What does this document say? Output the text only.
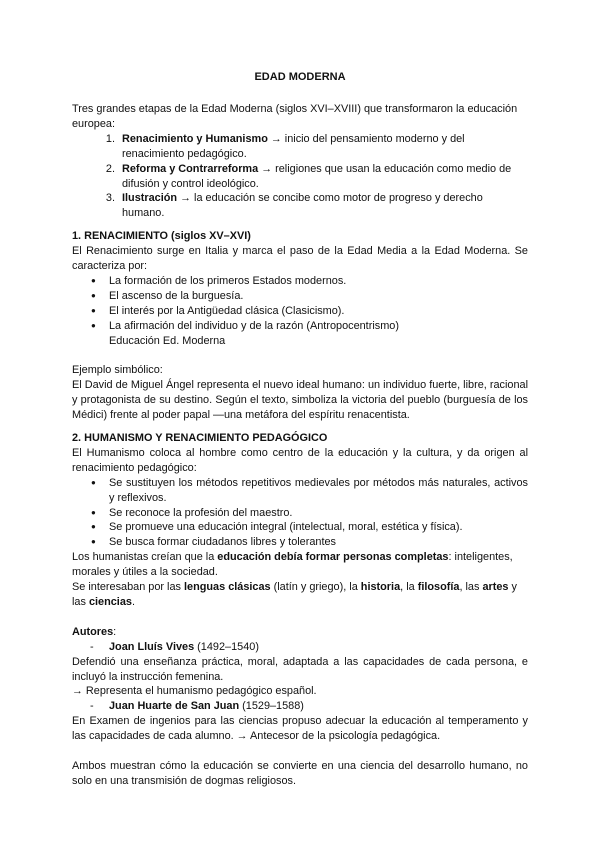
EDAD MODERNA

Tres grandes etapas de la Edad Moderna (siglos XVI–XVIII) que transformaron la educación europea:

1. Renacimiento y Humanismo → inicio del pensamiento moderno y del renacimiento pedagógico.
2. Reforma y Contrarreforma → religiones que usan la educación como medio de difusión y control ideológico.
3. Ilustración → la educación se concibe como motor de progreso y derecho humano.
1. RENACIMIENTO (siglos XV–XVI)

El Renacimiento surge en Italia y marca el paso de la Edad Media a la Edad Moderna. Se caracteriza por:

● La formación de los primeros Estados modernos.
● El ascenso de la burguesía.
● El interés por la Antigüedad clásica (Clasicismo).
● La afirmación del individuo y de la razón (Antropocentrismo)
Educación Ed. Moderna

Ejemplo simbólico:

El David de Miguel Ángel representa el nuevo ideal humano: un individuo fuerte, libre, racional y protagonista de su destino. Según el texto, simboliza la victoria del pueblo (burguesía de los Médici) frente al poder papal —una metáfora del espíritu renacentista.

2. HUMANISMO Y RENACIMIENTO PEDAGÓGICO

El Humanismo coloca al hombre como centro de la educación y la cultura, y da origen al renacimiento pedagógico:

● Se sustituyen los métodos repetitivos medievales por métodos más naturales, activos y reflexivos.
● Se reconoce la profesión del maestro.
● Se promueve una educación integral (intelectual, moral, estética y física).
● Se busca formar ciudadanos libres y tolerantes

Los humanistas creían que la educación debía formar personas completas: inteligentes, morales y útiles a la sociedad.

Se interesaban por las lenguas clásicas (latín y griego), la historia, la filosofía, las artes y las ciencias.

Autores:

- Joan Lluís Vives (1492–1540)

Defendió una enseñanza práctica, moral, adaptada a las capacidades de cada persona, e incluyó la instrucción femenina.

→ Representa el humanismo pedagógico español.

- Juan Huarte de San Juan (1529–1588)

En Examen de ingenios para las ciencias propuso adecuar la educación al temperamento y las capacidades de cada alumno. → Antecesor de la psicología pedagógica.

Ambos muestran cómo la educación se convierte en una ciencia del desarrollo humano, no solo en una transmisión de dogmas religiosos.
